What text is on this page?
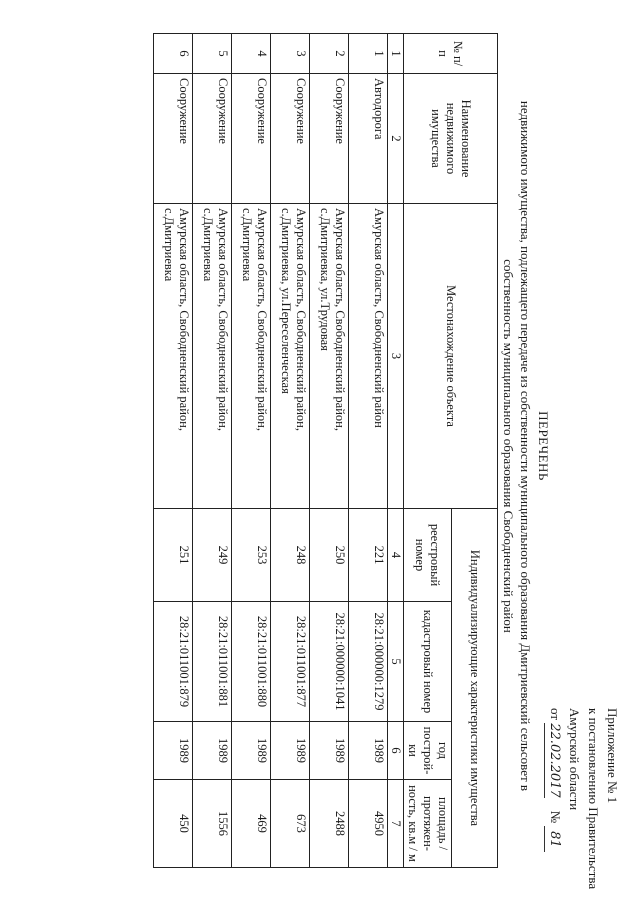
Приложение № 1
к постановлению Правительства
Амурской области
от 22.02.2017    № 81
ПЕРЕЧЕНЬ
недвижимого имущества, подлежащего передаче из собственности муниципального образования Дмитриевский сельсовет в
собственность муниципального образования Свободненский район
№ п/п	Наименование недвижимого имущества	Местонахождение объекта	Индивидуализирующие характеристики имущества			
			реестровый номер	кадастровый номер	год построй-ки	площадь / протяжен-ность, кв.м / м
1	2	3	4	5	6	7
1	Автодорога	Амурская область, Свободненский район	221	28:21:000000:1279	1989	4950
2	Сооружение	Амурская область, Свободненский район, с.Дмитриевка, ул.Трудовая	250	28:21:000000:1041	1989	2488
3	Сооружение	Амурская область, Свободненский район, с.Дмитриевка, ул.Переселенческая	248	28:21:011001:877	1989	673
4	Сооружение	Амурская область, Свободненский район, с.Дмитриевка	253	28:21:011001:880	1989	469
5	Сооружение	Амурская область, Свободненский район, с.Дмитриевка	249	28:21:011001:881	1989	1556
6	Сооружение	Амурская область, Свободненский район, с.Дмитриевка	251	28:21:011001:879	1989	450
